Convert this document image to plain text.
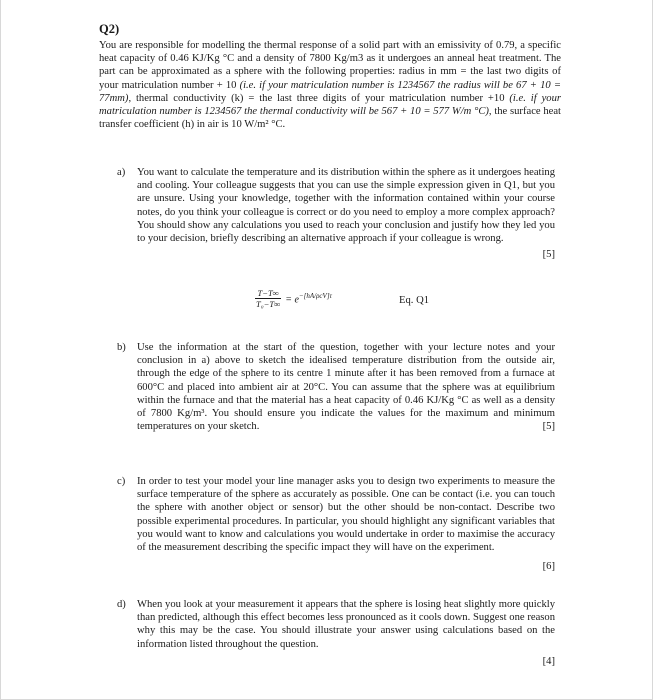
Q2)
You are responsible for modelling the thermal response of a solid part with an emissivity of 0.79, a specific heat capacity of 0.46 KJ/Kg °C and a density of 7800 Kg/m3 as it undergoes an anneal heat treatment. The part can be approximated as a sphere with the following properties: radius in mm = the last two digits of your matriculation number + 10 (i.e. if your matriculation number is 1234567 the radius will be 67 + 10 = 77mm), thermal conductivity (k) = the last three digits of your matriculation number +10 (i.e. if your matriculation number is 1234567 the thermal conductivity will be 567 + 10 = 577 W/m °C), the surface heat transfer coefficient (h) in air is 10 W/m² °C.
a) You want to calculate the temperature and its distribution within the sphere as it undergoes heating and cooling. Your colleague suggests that you can use the simple expression given in Q1, but you are unsure. Using your knowledge, together with the information contained within your course notes, do you think your colleague is correct or do you need to employ a more complex approach? You should show any calculations you used to reach your conclusion and justify how they led you to your decision, briefly describing an alternative approach if your colleague is wrong.
[5]
$\frac{T-T\infty}{\text{T₀−T∞}} = e^{-[hA/\rho cV]\tau}$	Eq. Q1
b) Use the information at the start of the question, together with your lecture notes and your conclusion in a) above to sketch the idealised temperature distribution from the outside air, through the edge of the sphere to its centre 1 minute after it has been removed from a furnace at 600°C and placed into ambient air at 20°C. You can assume that the sphere was at equilibrium within the furnace and that the material has a heat capacity of 0.46 KJ/Kg °C as well as a density of 7800 Kg/m³. You should ensure you indicate the values for the maximum and minimum temperatures on your sketch.	[5]
c) In order to test your model your line manager asks you to design two experiments to measure the surface temperature of the sphere as accurately as possible. One can be contact (i.e. you can touch the sphere with another object or sensor) but the other should be non-contact. Describe two possible experimental procedures. In particular, you should highlight any significant variables that you would want to know and calculations you would undertake in order to maximise the accuracy of the measurement describing the specific impact they will have on the experiment.
[6]
d) When you look at your measurement it appears that the sphere is losing heat slightly more quickly than predicted, although this effect becomes less pronounced as it cools down. Suggest one reason why this may be the case. You should illustrate your answer using calculations based on the information listed throughout the question.
[4]
